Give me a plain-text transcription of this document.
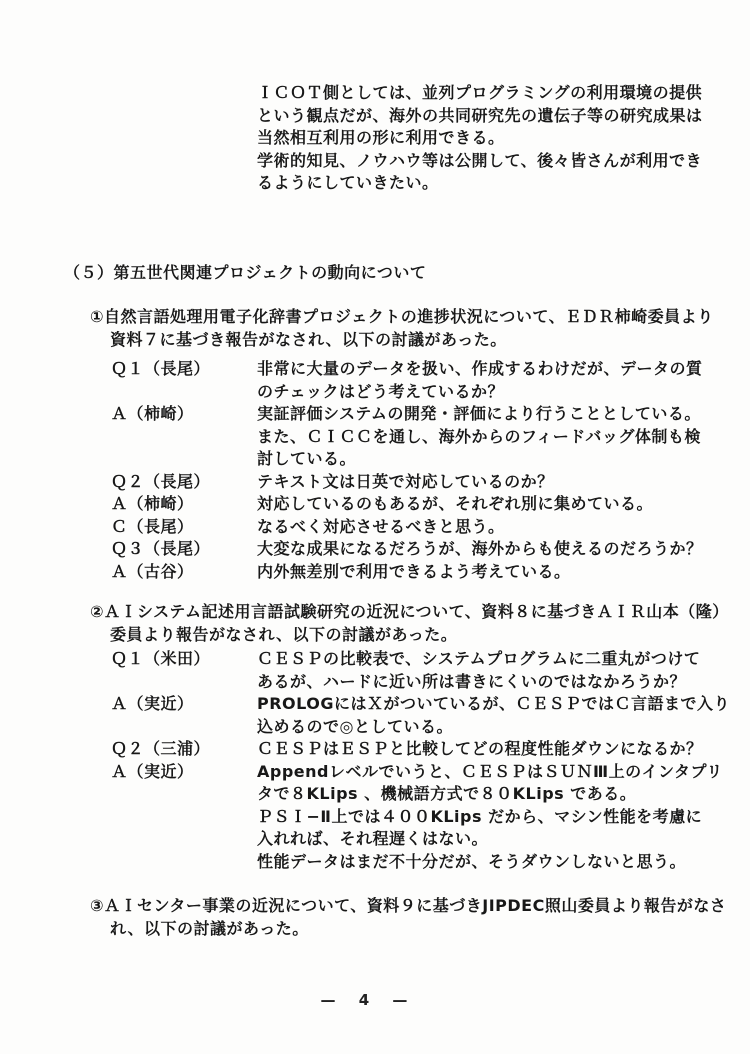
ＩＣＯＴ側としては、並列プログラミングの利用環境の提供
という観点だが、海外の共同研究先の遺伝子等の研究成果は
当然相互利用の形に利用できる。
学術的知見、ノウハウ等は公開して、後々皆さんが利用でき
るようにしていきたい。
（５）第五世代関連プロジェクトの動向について
①自然言語処理用電子化辞書プロジェクトの進捗状況について、ＥＤＲ柿崎委員より
資料７に基づき報告がなされ、以下の討議があった。
Ｑ１（長尾）	非常に大量のデータを扱い、作成するわけだが、データの質
のチェックはどう考えているか？
Ａ（柿崎）	実証評価システムの開発・評価により行うこととしている。
また、ＣＩＣＣを通し、海外からのフィードバッグ体制も検
討している。
Ｑ２（長尾）	テキスト文は日英で対応しているのか？
Ａ（柿崎）	対応しているのもあるが、それぞれ別に集めている。
Ｃ（長尾）	なるべく対応させるべきと思う。
Ｑ３（長尾）	大変な成果になるだろうが、海外からも使えるのだろうか？
Ａ（古谷）	内外無差別で利用できるよう考えている。
②ＡＩシステム記述用言語試験研究の近況について、資料８に基づきＡＩＲ山本（隆）
委員より報告がなされ、以下の討議があった。
Ｑ１（米田）	ＣＥＳＰの比較表で、システムプログラムに二重丸がつけて
あるが、ハードに近い所は書きにくいのではなかろうか？
Ａ（実近）	PROLOGにはＸがついているが、ＣＥＳＰではＣ言語まで入り
込めるので◎としている。
Ｑ２（三浦）	ＣＥＳＰはＥＳＰと比較してどの程度性能ダウンになるか？
Ａ（実近）	Appendレベルでいうと、ＣＥＳＰはＳＵＮⅢ上のインタプリ
タで８KLips 、機械語方式で８０KLips である。
ＰＳＩ−Ⅱ上では４００KLips だから、マシン性能を考慮に
入れれば、それ程遅くはない。
性能データはまだ不十分だが、そうダウンしないと思う。
③ＡＩセンター事業の近況について、資料９に基づきJIPDEC照山委員より報告がなさ
れ、以下の討議があった。
— 4 —
